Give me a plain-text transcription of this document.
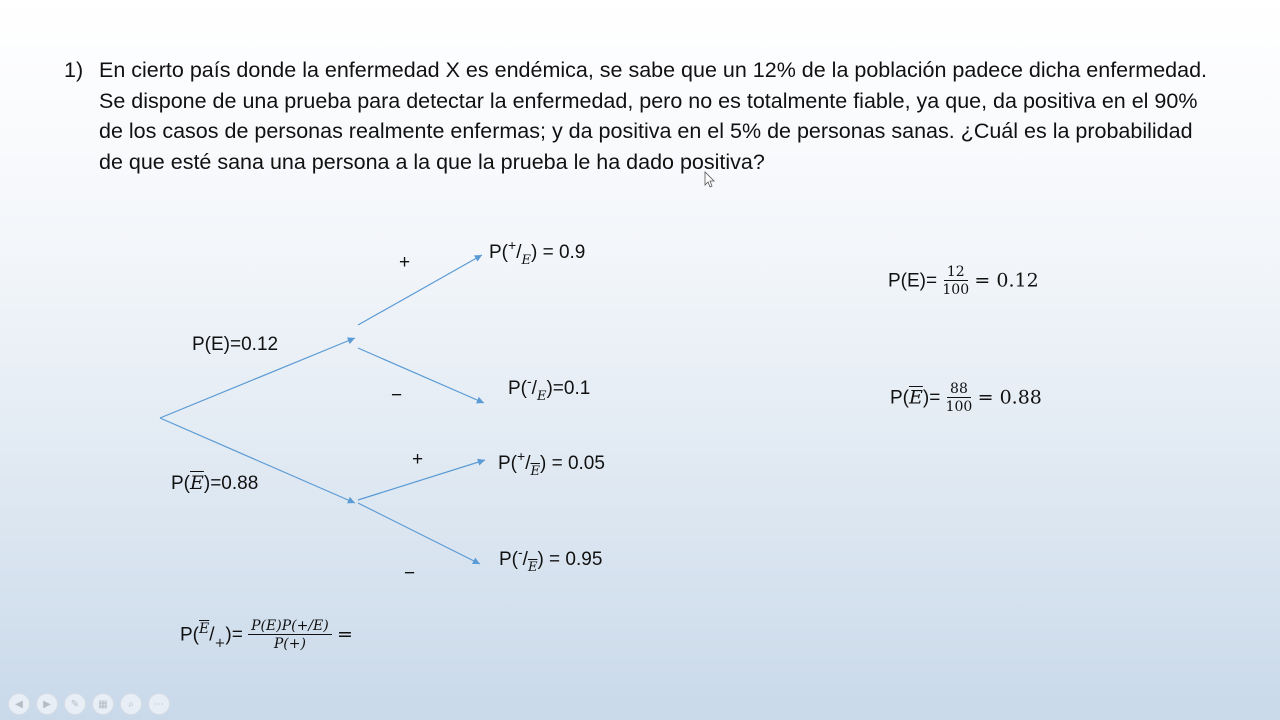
1) En cierto país donde la enfermedad X es endémica, se sabe que un 12% de la población padece dicha enfermedad. Se dispone de una prueba para detectar la enfermedad, pero no es totalmente fiable, ya que, da positiva en el 90% de los casos de personas realmente enfermas; y da positiva en el 5% de personas sanas. ¿Cuál es la probabilidad de que esté sana una persona a la que la prueba le ha dado positiva?
P(E)=0.12
$P(\overline{E})=0.88$
+
−
+
−
$P(^+/_E) = 0.9$
$P(^-/_E)=0.1$
$P(^+/_{\overline{E}}) = 0.05$
$P(^-/_{\overline{E}}) = 0.95$
$P(E)= \frac{12}{100} = 0.12$
$P(\overline{E})= \frac{88}{100} = 0.88$
$P(^{\overline{E}}/_+)= \frac{P(E)P(+/E)}{P(+)}$ =
◀	▶	✎	▦	⌕	⋯
